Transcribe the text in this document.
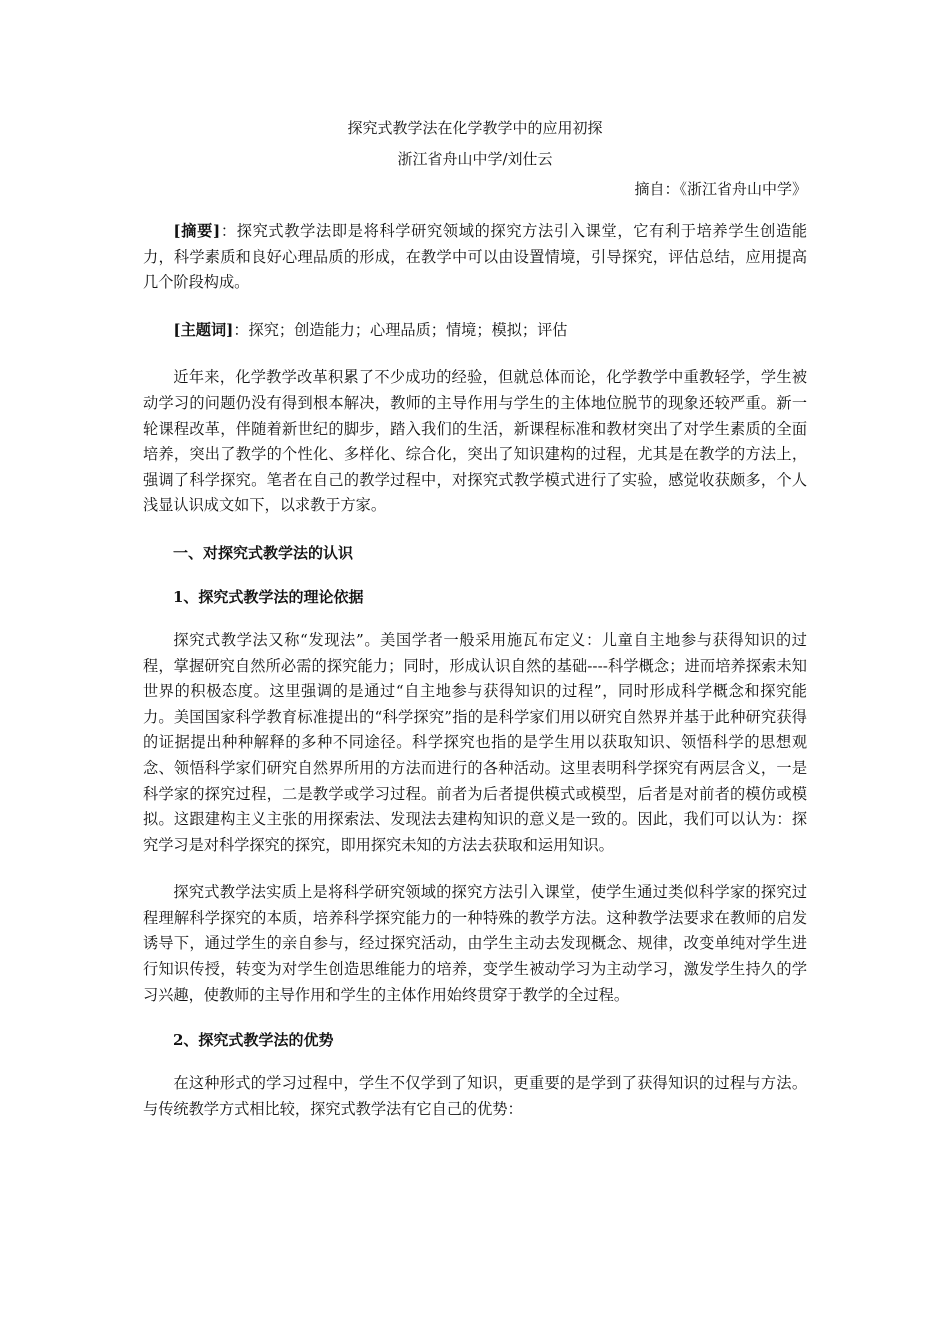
探究式教学法在化学教学中的应用初探

浙江省舟山中学/刘仕云

摘自：《浙江省舟山中学》

[摘要]：探究式教学法即是将科学研究领域的探究方法引入课堂，它有利于培养学生创造能力，科学素质和良好心理品质的形成，在教学中可以由设置情境，引导探究，评估总结，应用提高几个阶段构成。

[主题词]：探究；创造能力；心理品质；情境；模拟；评估

近年来，化学教学改革积累了不少成功的经验，但就总体而论，化学教学中重教轻学，学生被动学习的问题仍没有得到根本解决，教师的主导作用与学生的主体地位脱节的现象还较严重。新一轮课程改革，伴随着新世纪的脚步，踏入我们的生活，新课程标准和教材突出了对学生素质的全面培养，突出了教学的个性化、多样化、综合化，突出了知识建构的过程，尤其是在教学的方法上，强调了科学探究。笔者在自己的教学过程中，对探究式教学模式进行了实验，感觉收获颇多，个人浅显认识成文如下，以求教于方家。

一、对探究式教学法的认识
1、探究式教学法的理论依据

探究式教学法又称“发现法”。美国学者一般采用施瓦布定义：儿童自主地参与获得知识的过程，掌握研究自然所必需的探究能力；同时，形成认识自然的基础----科学概念；进而培养探索未知世界的积极态度。这里强调的是通过“自主地参与获得知识的过程”，同时形成科学概念和探究能力。美国国家科学教育标准提出的“科学探究”指的是科学家们用以研究自然界并基于此种研究获得的证据提出种种解释的多种不同途径。科学探究也指的是学生用以获取知识、领悟科学的思想观念、领悟科学家们研究自然界所用的方法而进行的各种活动。这里表明科学探究有两层含义，一是科学家的探究过程，二是教学或学习过程。前者为后者提供模式或模型，后者是对前者的模仿或模拟。这跟建构主义主张的用探索法、发现法去建构知识的意义是一致的。因此，我们可以认为：探究学习是对科学探究的探究，即用探究未知的方法去获取和运用知识。

探究式教学法实质上是将科学研究领域的探究方法引入课堂，使学生通过类似科学家的探究过程理解科学探究的本质，培养科学探究能力的一种特殊的教学方法。这种教学法要求在教师的启发诱导下，通过学生的亲自参与，经过探究活动，由学生主动去发现概念、规律，改变单纯对学生进行知识传授，转变为对学生创造思维能力的培养，变学生被动学习为主动学习，激发学生持久的学习兴趣，使教师的主导作用和学生的主体作用始终贯穿于教学的全过程。

2、探究式教学法的优势

在这种形式的学习过程中，学生不仅学到了知识，更重要的是学到了获得知识的过程与方法。与传统教学方式相比较，探究式教学法有它自己的优势：
